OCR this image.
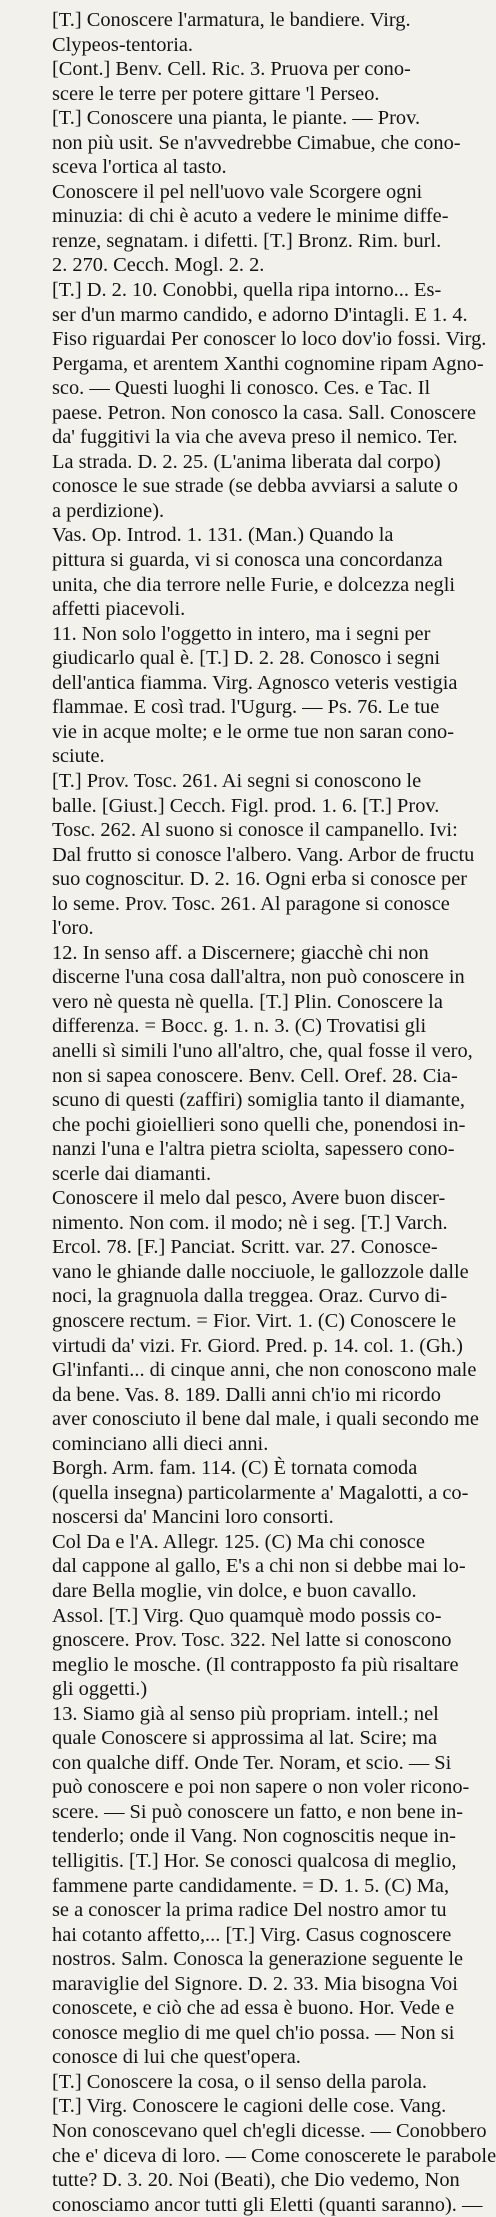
[T.] Conoscere l'armatura, le bandiere. Virg.
Clypeos-tentoria.

[Cont.] Benv. Cell. Ric. 3. Pruova per cono-
scere le terre per potere gittare 'l Perseo.

[T.] Conoscere una pianta, le piante. — Prov.
non più usit. Se n'avvedrebbe Cimabue, che cono-
sceva l'ortica al tasto.

Conoscere il pel nell'uovo vale Scorgere ogni
minuzia: di chi è acuto a vedere le minime diffe-
renze, segnatam. i difetti. [T.] Bronz. Rim. burl.
2. 270. Cecch. Mogl. 2. 2.

[T.] D. 2. 10. Conobbi, quella ripa intorno... Es-
ser d'un marmo candido, e adorno D'intagli. E 1. 4.
Fiso riguardai Per conoscer lo loco dov'io fossi. Virg.
Pergama, et arentem Xanthi cognomine ripam Agno-
sco. — Questi luoghi li conosco. Ces. e Tac. Il
paese. Petron. Non conosco la casa. Sall. Conoscere
da' fuggitivi la via che aveva preso il nemico. Ter.
La strada. D. 2. 25. (L'anima liberata dal corpo)
conosce le sue strade (se debba avviarsi a salute o
a perdizione).

Vas. Op. Introd. 1. 131. (Man.) Quando la
pittura si guarda, vi si conosca una concordanza
unita, che dia terrore nelle Furie, e dolcezza negli
affetti piacevoli.

11. Non solo l'oggetto in intero, ma i segni per
giudicarlo qual è. [T.] D. 2. 28. Conosco i segni
dell'antica fiamma. Virg. Agnosco veteris vestigia
flammae. E così trad. l'Ugurg. — Ps. 76. Le tue
vie in acque molte; e le orme tue non saran cono-
sciute.

[T.] Prov. Tosc. 261. Ai segni si conoscono le
balle. [Giust.] Cecch. Figl. prod. 1. 6. [T.] Prov.
Tosc. 262. Al suono si conosce il campanello. Ivi:
Dal frutto si conosce l'albero. Vang. Arbor de fructu
suo cognoscitur. D. 2. 16. Ogni erba si conosce per
lo seme. Prov. Tosc. 261. Al paragone si conosce
l'oro.

12. In senso aff. a Discernere; giacchè chi non
discerne l'una cosa dall'altra, non può conoscere in
vero nè questa nè quella. [T.] Plin. Conoscere la
differenza. = Bocc. g. 1. n. 3. (C) Trovatisi gli
anelli sì simili l'uno all'altro, che, qual fosse il vero,
non si sapea conoscere. Benv. Cell. Oref. 28. Cia-
scuno di questi (zaffiri) somiglia tanto il diamante,
che pochi gioiellieri sono quelli che, ponendosi in-
nanzi l'una e l'altra pietra sciolta, sapessero cono-
scerle dai diamanti.

Conoscere il melo dal pesco, Avere buon discer-
nimento. Non com. il modo; nè i seg. [T.] Varch.
Ercol. 78. [F.] Panciat. Scritt. var. 27. Conosce-
vano le ghiande dalle nocciuole, le gallozzole dalle
noci, la gragnuola dalla treggea. Oraz. Curvo di-
gnoscere rectum. = Fior. Virt. 1. (C) Conoscere le
virtudi da' vizi. Fr. Giord. Pred. p. 14. col. 1. (Gh.)
Gl'infanti... di cinque anni, che non conoscono male
da bene. Vas. 8. 189. Dalli anni ch'io mi ricordo
aver conosciuto il bene dal male, i quali secondo me
cominciano alli dieci anni.

Borgh. Arm. fam. 114. (C) È tornata comoda
(quella insegna) particolarmente a' Magalotti, a co-
noscersi da' Mancini loro consorti.

Col Da e l'A. Allegr. 125. (C) Ma chi conosce
dal cappone al gallo, E's a chi non si debbe mai lo-
dare Bella moglie, vin dolce, e buon cavallo.

Assol. [T.] Virg. Quo quamquè modo possis co-
gnoscere. Prov. Tosc. 322. Nel latte si conoscono
meglio le mosche. (Il contrapposto fa più risaltare
gli oggetti.)

13. Siamo già al senso più propriam. intell.; nel
quale Conoscere si approssima al lat. Scire; ma
con qualche diff. Onde Ter. Noram, et scio. — Si
può conoscere e poi non sapere o non voler ricono-
scere. — Si può conoscere un fatto, e non bene in-
tenderlo; onde il Vang. Non cognoscitis neque in-
telligitis. [T.] Hor. Se conosci qualcosa di meglio,
fammene parte candidamente. = D. 1. 5. (C) Ma,
se a conoscer la prima radice Del nostro amor tu
hai cotanto affetto,... [T.] Virg. Casus cognoscere
nostros. Salm. Conosca la generazione seguente le
maraviglie del Signore. D. 2. 33. Mia bisogna Voi
conoscete, e ciò che ad essa è buono. Hor. Vede e
conosce meglio di me quel ch'io possa. — Non si
conosce di lui che quest'opera.

[T.] Conoscere la cosa, o il senso della parola.
[T.] Virg. Conoscere le cagioni delle cose. Vang.
Non conoscevano quel ch'egli dicesse. — Conobbero
che e' diceva di loro. — Come conoscerete le parabole
tutte? D. 3. 20. Noi (Beati), che Dio vedemo, Non
conosciamo ancor tutti gli Eletti (quanti saranno). —
